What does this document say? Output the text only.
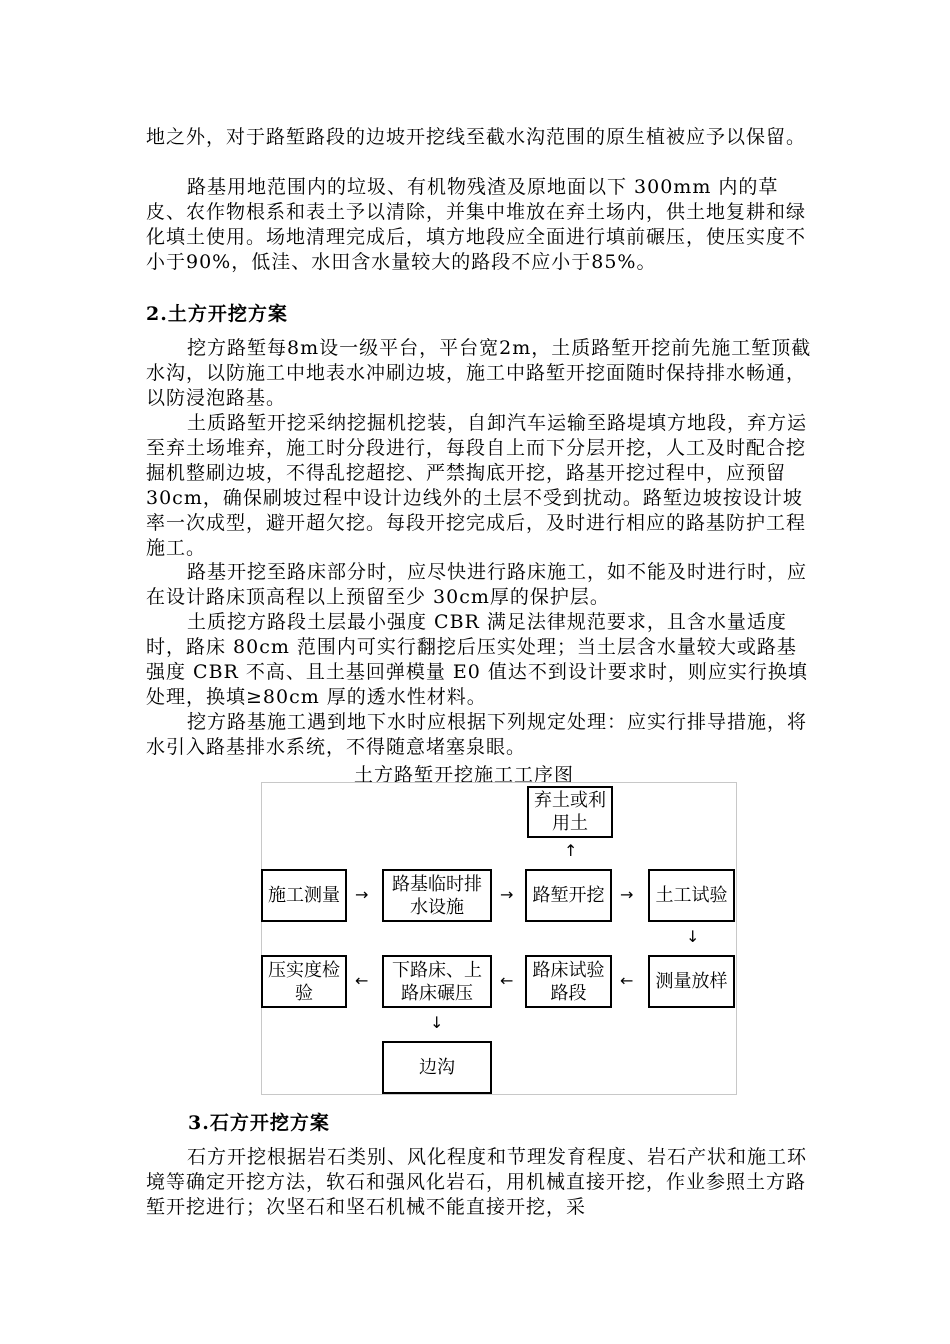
地之外，对于路堑路段的边坡开挖线至截水沟范围的原生植被应予以保留。

路基用地范围内的垃圾、有机物残渣及原地面以下 300mm 内的草皮、农作物根系和表土予以清除，并集中堆放在弃土场内，供土地复耕和绿化填土使用。场地清理完成后，填方地段应全面进行填前碾压，使压实度不小于90%，低洼、水田含水量较大的路段不应小于85%。

2.土方开挖方案

挖方路堑每8m设一级平台，平台宽2m，土质路堑开挖前先施工堑顶截水沟，以防施工中地表水冲刷边坡，施工中路堑开挖面随时保持排水畅通，以防浸泡路基。

土质路堑开挖采纳挖掘机挖装，自卸汽车运输至路堤填方地段，弃方运至弃土场堆弃，施工时分段进行，每段自上而下分层开挖，人工及时配合挖掘机整刷边坡，不得乱挖超挖、严禁掏底开挖，路基开挖过程中，应预留 30cm，确保刷坡过程中设计边线外的土层不受到扰动。路堑边坡按设计坡率一次成型，避开超欠挖。每段开挖完成后，及时进行相应的路基防护工程施工。

路基开挖至路床部分时，应尽快进行路床施工，如不能及时进行时，应在设计路床顶高程以上预留至少 30cm厚的保护层。

土质挖方路段土层最小强度 CBR 满足法律规范要求，且含水量适度时，路床 80cm 范围内可实行翻挖后压实处理；当土层含水量较大或路基强度 CBR 不高、且土基回弹模量 E0 值达不到设计要求时，则应实行换填处理，换填≥80cm 厚的透水性材料。

挖方路基施工遇到地下水时应根据下列规定处理：应实行排导措施，将水引入路基排水系统，不得随意堵塞泉眼。

土方路堑开挖施工工序图

弃土或利
用土
↑
施工测量 → 路基临时排
水设施
→ 路堑开挖 → 土工试验
↓
压实度检
验
← 下路床、上
路床碾压
← 路床试验
路段
← 测量放样
↓
边沟

3.石方开挖方案

石方开挖根据岩石类别、风化程度和节理发育程度、岩石产状和施工环境等确定开挖方法，软石和强风化岩石，用机械直接开挖，作业参照土方路堑开挖进行；次坚石和坚石机械不能直接开挖，采
